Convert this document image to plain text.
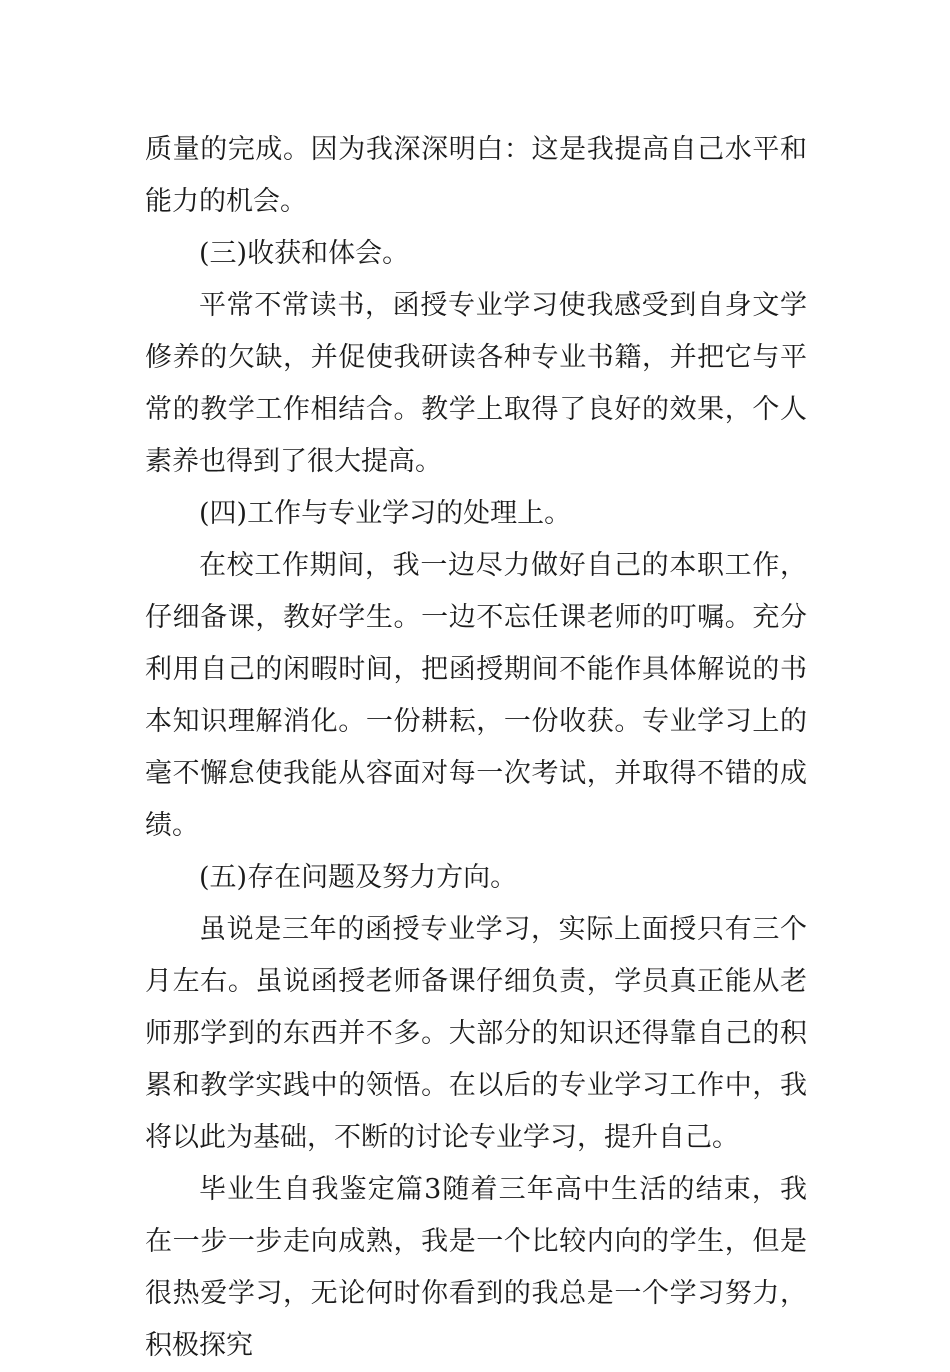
质量的完成。因为我深深明白：这是我提高自己水平和能力的机会。

(三)收获和体会。

平常不常读书，函授专业学习使我感受到自身文学修养的欠缺，并促使我研读各种专业书籍，并把它与平常的教学工作相结合。教学上取得了良好的效果，个人素养也得到了很大提高。

(四)工作与专业学习的处理上。

在校工作期间，我一边尽力做好自己的本职工作，仔细备课，教好学生。一边不忘任课老师的叮嘱。充分利用自己的闲暇时间，把函授期间不能作具体解说的书本知识理解消化。一份耕耘，一份收获。专业学习上的毫不懈怠使我能从容面对每一次考试，并取得不错的成绩。

(五)存在问题及努力方向。

虽说是三年的函授专业学习，实际上面授只有三个月左右。虽说函授老师备课仔细负责，学员真正能从老师那学到的东西并不多。大部分的知识还得靠自己的积累和教学实践中的领悟。在以后的专业学习工作中，我将以此为基础，不断的讨论专业学习，提升自己。

毕业生自我鉴定篇3随着三年高中生活的结束，我在一步一步走向成熟，我是一个比较内向的学生，但是很热爱学习，无论何时你看到的我总是一个学习努力，积极探究
